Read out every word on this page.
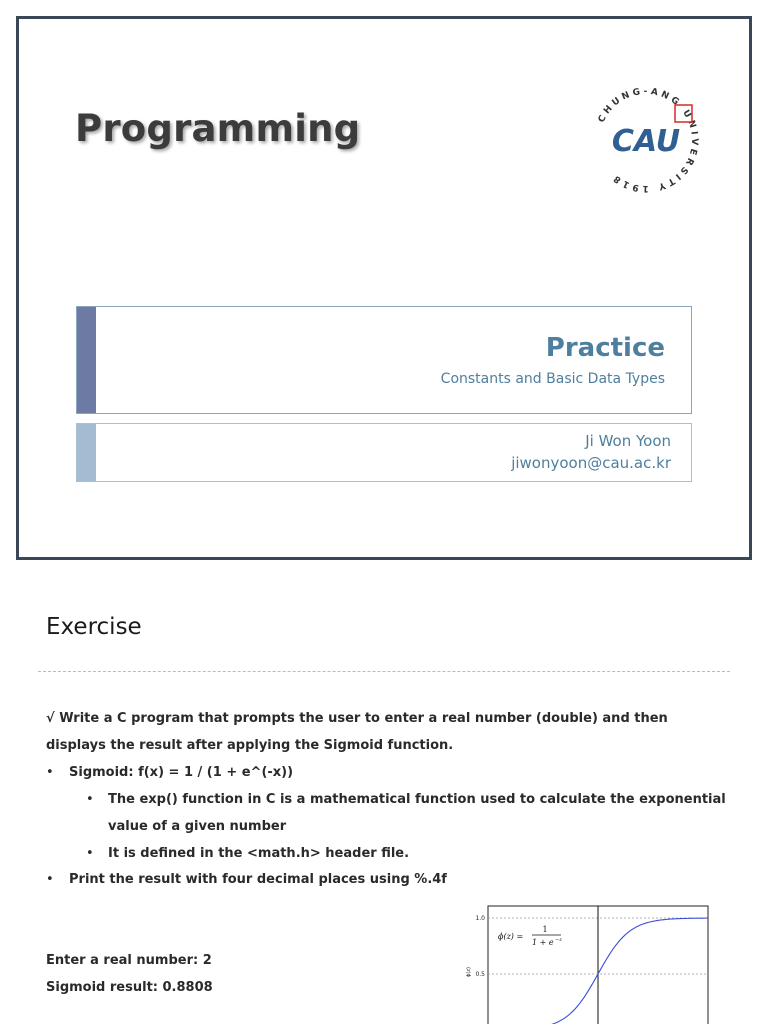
Programming	CHUNG-ANG UNIVERSITY 1918
CAU
Practice
Constants and Basic Data Types
Ji Won Yoon
jiwonyoon@cau.ac.kr
Exercise
√ Write a C program that prompts the user to enter a real number (double) and then
displays the result after applying the Sigmoid function.
• Sigmoid: f(x) = 1 / (1 + e^(-x))
• The exp() function in C is a mathematical function used to calculate the exponential
value of a given number
• It is defined in the <math.h> header file.
• Print the result with four decimal places using %.4f
Enter a real number: 2
Sigmoid result: 0.8808
1.0
0.5
ϕ(z)
ϕ(z) =
1
1 + e −z
